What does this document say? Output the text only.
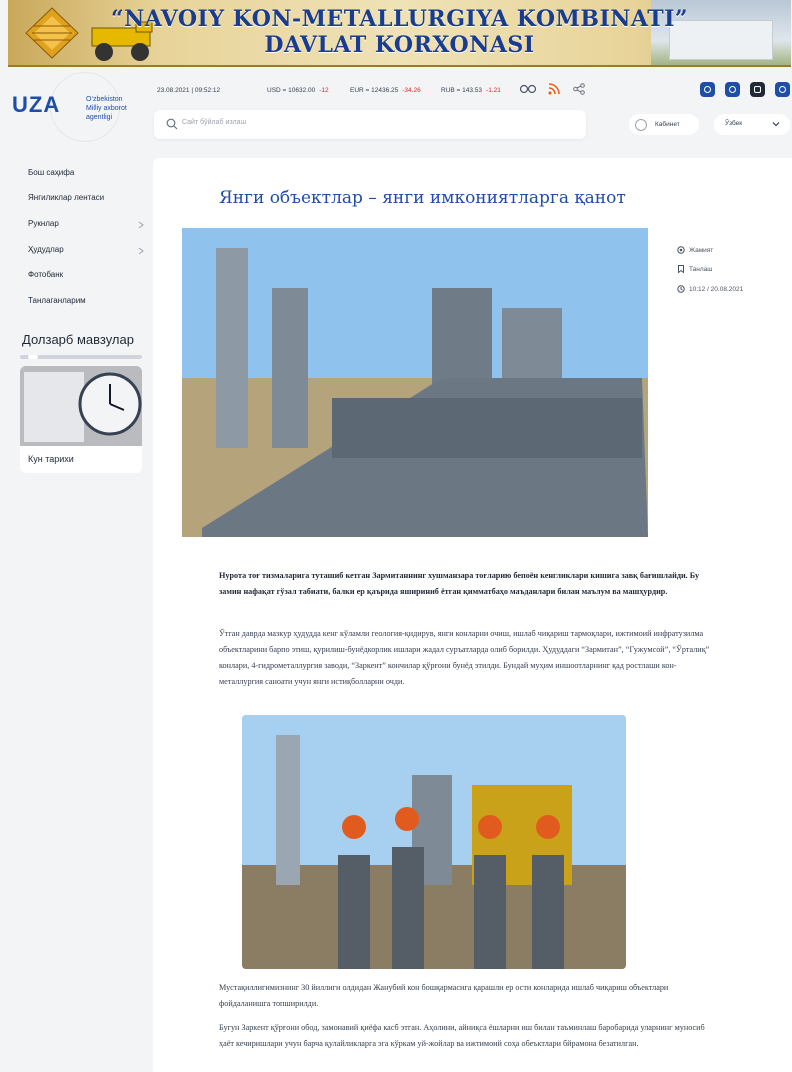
“NAVOIY KON-METALLURGIYA KOMBINATI”
DAVLAT KORXONASI
UZA	O‘zbekiston
Milliy axborot
agentligi
23.08.2021 | 09:52:12	USD =
10632.00 -12	EUR =
12436.25 -34.26	RUB =
143.53 -1.21
Сайт бўйлаб излаш	Кабинет	Ўзбек
Бош саҳифа
Янгиликлар лентаси
Рукнлар
Ҳудудлар
Фотобанк
Танлаганларим
Долзарб мавзулар
Кун тарихи
Янги объектлар – янги имкониятларга қанот
Жамият
Танлаш
10:12 / 20.08.2021
Нурота тоғ тизмаларига туташиб кетган Зармитаннинг хушманзара тоғларию бепоён кенгликлари кишига завқ бағишлайди. Бу замин нафақат гўзал табиати, балки ер қаърида яшириниб ётган қимматбаҳо маъданлари билан маълум ва машҳурдир.
Ўтган даврда мазкур ҳудудда кенг кўламли геология-қидирув, янги конларни очиш, ишлаб чиқариш тармоқлари, ижтимоий инфратузилма объектларини барпо этиш, қурилиш-бунёдкорлик ишлари жадал суръатларда олиб борилди. Ҳудуддаги “Зармитан”, “Гужумсой”, “Ўрталиқ” конлари, 4-гидрометаллургия заводи, “Заркент” кончилар қўрғони бунёд этилди. Бундай муҳим иншоотларнинг қад ростлаши кон-металлургия саноати учун янги истиқболларни очди.
Мустақиллигимизнинг 30 йиллиги олдидан Жанубий кон бошқармасига қарашли ер ости конларида ишлаб чиқариш объектлари фойдаланишга топширилди.
Бугун Заркент қўрғони обод, замонавий қиёфа касб этган. Аҳолини, айниқса ёшларни иш билан таъминлаш баробарида уларнинг муносиб ҳаёт кечиришлари учун барча қулайликларга эга кўркам уй-жойлар ва ижтимоий соҳа обеъктлари бйрамона безатилган.
